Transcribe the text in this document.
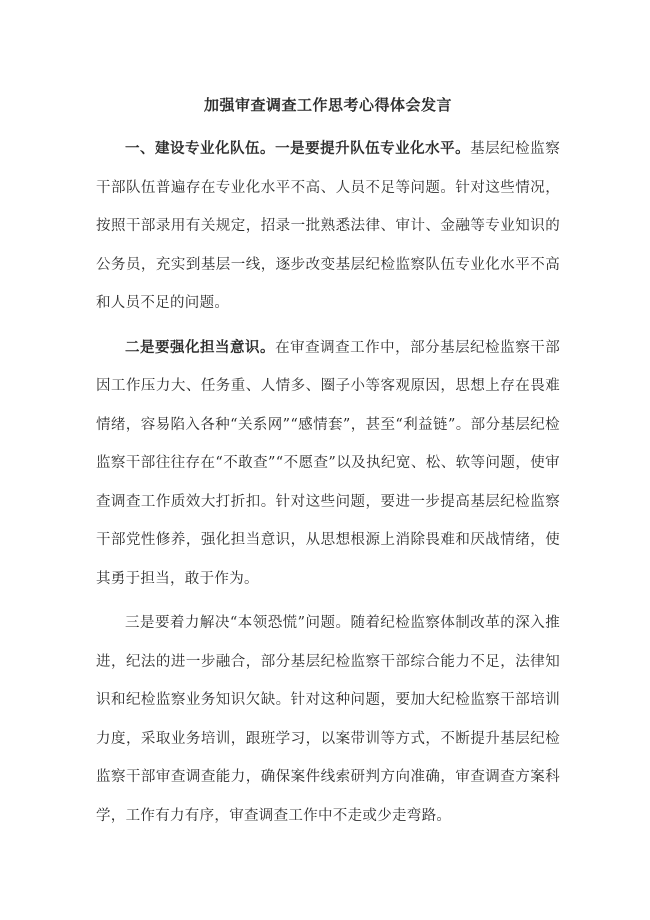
加强审查调查工作思考心得体会发言

一、建设专业化队伍。一是要提升队伍专业化水平。基层纪检监察干部队伍普遍存在专业化水平不高、人员不足等问题。针对这些情况，按照干部录用有关规定，招录一批熟悉法律、审计、金融等专业知识的公务员，充实到基层一线，逐步改变基层纪检监察队伍专业化水平不高和人员不足的问题。

二是要强化担当意识。在审查调查工作中，部分基层纪检监察干部因工作压力大、任务重、人情多、圈子小等客观原因，思想上存在畏难情绪，容易陷入各种“关系网”“感情套”，甚至“利益链”。部分基层纪检监察干部往往存在“不敢查”“不愿查”以及执纪宽、松、软等问题，使审查调查工作质效大打折扣。针对这些问题，要进一步提高基层纪检监察干部党性修养，强化担当意识，从思想根源上消除畏难和厌战情绪，使其勇于担当，敢于作为。

三是要着力解决“本领恐慌”问题。随着纪检监察体制改革的深入推进，纪法的进一步融合，部分基层纪检监察干部综合能力不足，法律知识和纪检监察业务知识欠缺。针对这种问题，要加大纪检监察干部培训力度，采取业务培训，跟班学习，以案带训等方式，不断提升基层纪检监察干部审查调查能力，确保案件线索研判方向准确，审查调查方案科学，工作有力有序，审查调查工作中不走或少走弯路。
